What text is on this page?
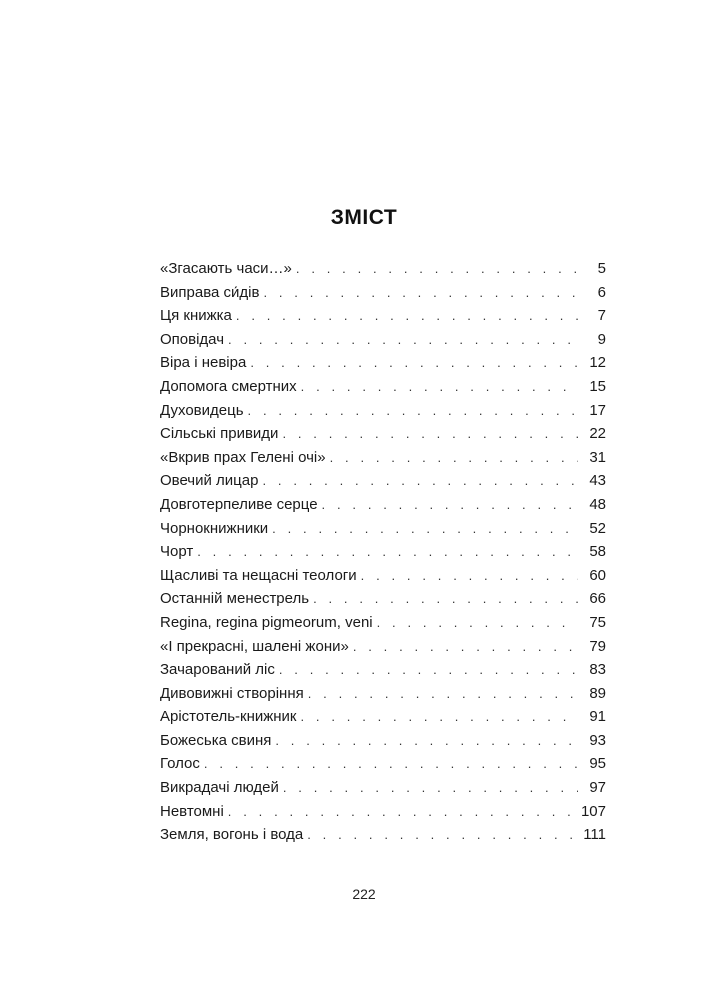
ЗМІСТ
«Згасають часи…» . . .	5
Виправа си́дів . . .	6
Ця книжка . . .	7
Оповідач . . .	9
Віра і невіра . . .	12
Допомога смертних . . .	15
Духовидець . . .	17
Сільські привиди . . .	22
«Вкрив прах Гелені очі» . . .	31
Овечий лицар . . .	43
Довготерпеливе серце . . .	48
Чорнокнижники . . .	52
Чорт . . .	58
Щасливі та нещасні теологи . . .	60
Останній менестрель . . .	66
Regina, regina pigmeorum, veni . . .	75
«І прекрасні, шалені жони» . . .	79
Зачарований ліс . . .	83
Дивовижні створіння . . .	89
Арістотель-книжник . . .	91
Божеська свиня . . .	93
Голос . . .	95
Викрадачі людей . . .	97
Невтомні . . .	107
Земля, вогонь і вода . . .	111
222
